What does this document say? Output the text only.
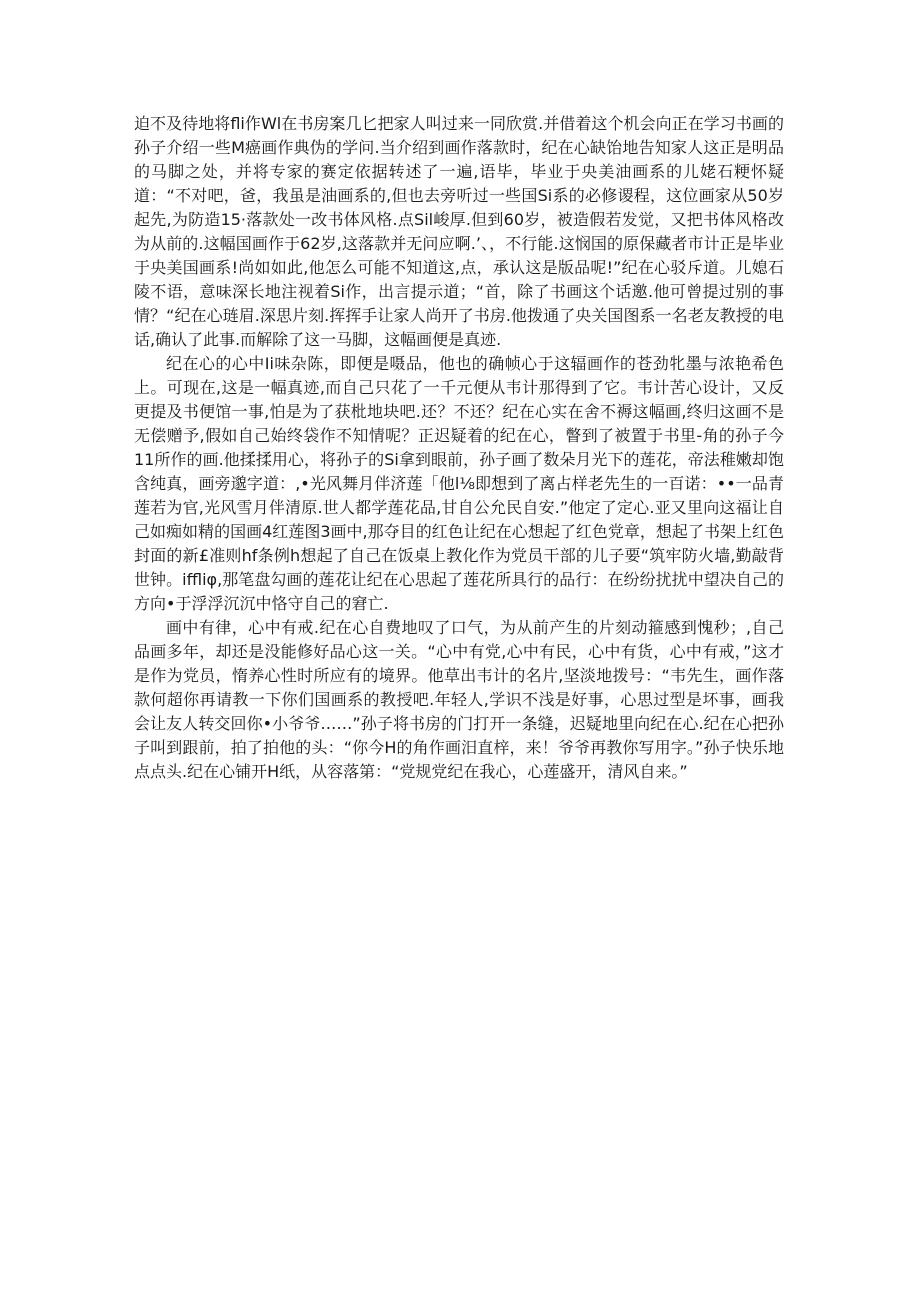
迫不及待地将fli作Wl在书房案几匕把家人叫过来一同欣赏.并借着这个机会向正在学习书画的孙子介绍一些M癌画作典伪的学问.当介绍到画作落款时，纪在心缺饴地告知家人这正是明品的马脚之处，并将专家的赛定依据转述了一遍,语毕，毕业于央美油画系的儿姥石粳怀疑道：“不对吧，爸，我虽是油画系的,但也去旁听过一些国Si系的必修谡程，这位画家从50岁起先,为防造15·落款处一改书体风格.点Sil峻厚.但到60岁，被造假若发觉，又把书体风格改为从前的.这幅国画作于62岁,这落款并无问应啊.’、，不行能.这悯国的原保藏者市计正是毕业于央美国画系!尚如如此,他怎么可能不知道这,点，承认这是版品呢!”纪在心驳斥道。儿媳石陵不语，意味深长地注视着Si作，出言提示道；“首，除了书画这个话邀.他可曾提过别的事情？“纪在心琏眉.深思片刻.挥挥手让家人尚开了书房.他拨通了央关国图系一名老友教授的电话,确认了此事.而解除了这一马脚，这幅画便是真迹.

纪在心的心中Ii味杂陈，即便是嗫品，他也的确帧心于这辐画作的苍劲牝墨与浓艳希色上。可现在,这是一幅真迹,而自己只花了一千元便从韦计那得到了它。韦计苦心设计，又反更提及书便馆一事,怕是为了获枇地块吧.还？不还？纪在心实在舍不褥这幅画,终归这画不是无偿赠予,假如自己始终袋作不知情呢？正迟疑着的纪在心，瞥到了被置于书里-角的孙子今11所作的画.他揉揉用心，将孙子的Si拿到眼前，孙子画了数朵月光下的莲花，帝法稚嫩却饱含纯真，画旁邈字道：,•光风舞月伴济莲「他l⅛即想到了离占样老先生的一百诺：••一品青莲若为官,光风雪月伴清原.世人都学莲花品,甘自公允民自安.”他定了定心.亚又里向这福让自己如痴如精的国画4红莲图3画中,那夺目的红色让纪在心想起了红色党章，想起了书架上红色封面的新£准则hf条例h想起了自己在饭桌上教化作为党员干部的儿子要“筑牢防火墙,勤敲背世钟。iffliφ,那笔盘勾画的莲花让纪在心思起了莲花所具行的品行：在纷纷扰扰中望决自己的方向•于浮浮沉沉中恪守自己的窘亡.

画中有律，心中有戒.纪在心自费地叹了口气，为从前产生的片刻动箍感到愧秒；,自己品画多年，却还是没能修好品心这一关。“心中有党,心中有民，心中有货，心中有戒，”这才是作为党员，惰养心性时所应有的境界。他草出韦计的名片,坚淡地拨号：“韦先生，画作落款何超你再请教一下你们国画系的教授吧.年轻人,学识不浅是好事，心思过型是坏事，画我会让友人转交回你•小爷爷……”孙子将书房的门打开一条缝，迟疑地里向纪在心.纪在心把孙子叫到跟前，拍了拍他的头：“你今H的角作画汨直梓，来！爷爷再教你写用字。”孙子快乐地点点头.纪在心铺开H纸，从容落第：“党规党纪在我心，心莲盛开，清风自来。”
